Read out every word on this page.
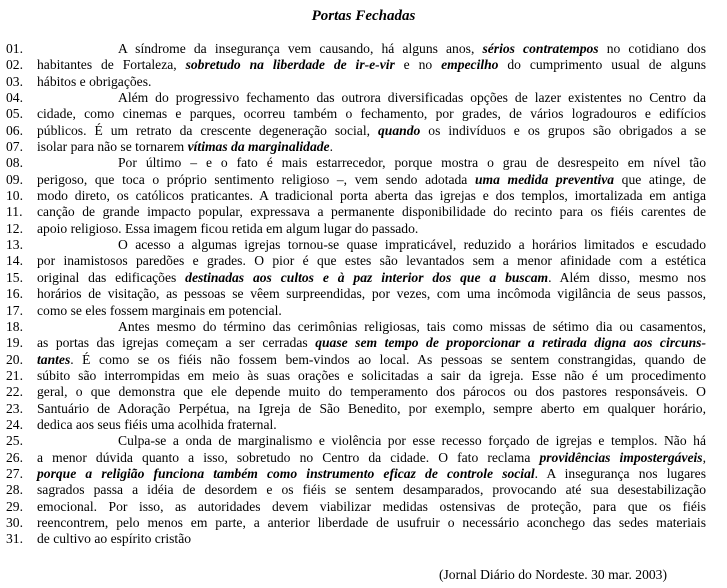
Portas Fechadas
01.	A síndrome da insegurança vem causando, há alguns anos, sérios contratempos no cotidiano dos
02.	habitantes de Fortaleza, sobretudo na liberdade de ir-e-vir e no empecilho do cumprimento usual de alguns
03.	hábitos e obrigações.
04.	Além do progressivo fechamento das outrora diversificadas opções de lazer existentes no Centro da
05.	cidade, como cinemas e parques, ocorreu também o fechamento, por grades, de vários logradouros e edifícios
06.	públicos. É um retrato da crescente degeneração social, quando os indivíduos e os grupos são obrigados a se
07.	isolar para não se tornarem vítimas da marginalidade.
08.	Por último – e o fato é mais estarrecedor, porque mostra o grau de desrespeito em nível tão
09.	perigoso, que toca o próprio sentimento religioso –, vem sendo adotada uma medida preventiva que atinge, de
10.	modo direto, os católicos praticantes. A tradicional porta aberta das igrejas e dos templos, imortalizada em antiga
11.	canção de grande impacto popular, expressava a permanente disponibilidade do recinto para os fiéis carentes de
12.	apoio religioso. Essa imagem ficou retida em algum lugar do passado.
13.	O acesso a algumas igrejas tornou-se quase impraticável, reduzido a horários limitados e escudado
14.	por inamistosos paredões e grades. O pior é que estes são levantados sem a menor afinidade com a estética
15.	original das edificações destinadas aos cultos e à paz interior dos que a buscam. Além disso, mesmo nos
16.	horários de visitação, as pessoas se vêem surpreendidas, por vezes, com uma incômoda vigilância de seus passos,
17.	como se eles fossem marginais em potencial.
18.	Antes mesmo do término das cerimônias religiosas, tais como missas de sétimo dia ou casamentos,
19.	as portas das igrejas começam a ser cerradas quase sem tempo de proporcionar a retirada digna aos circuns-
20.	tantes. É como se os fiéis não fossem bem-vindos ao local. As pessoas se sentem constrangidas, quando de
21.	súbito são interrompidas em meio às suas orações e solicitadas a sair da igreja. Esse não é um procedimento
22.	geral, o que demonstra que ele depende muito do temperamento dos párocos ou dos pastores responsáveis. O
23.	Santuário de Adoração Perpétua, na Igreja de São Benedito, por exemplo, sempre aberto em qualquer horário,
24.	dedica aos seus fiéis uma acolhida fraternal.
25.	Culpa-se a onda de marginalismo e violência por esse recesso forçado de igrejas e templos. Não há
26.	a menor dúvida quanto a isso, sobretudo no Centro da cidade. O fato reclama providências impostergáveis,
27.	porque a religião funciona também como instrumento eficaz de controle social. A insegurança nos lugares
28.	sagrados passa a idéia de desordem e os fiéis se sentem desamparados, provocando até sua desestabilização
29.	emocional. Por isso, as autoridades devem viabilizar medidas ostensivas de proteção, para que os fiéis
30.	reencontrem, pelo menos em parte, a anterior liberdade de usufruir o necessário aconchego das sedes materiais
31.	de cultivo ao espírito cristão
(Jornal Diário do Nordeste. 30 mar. 2003)
